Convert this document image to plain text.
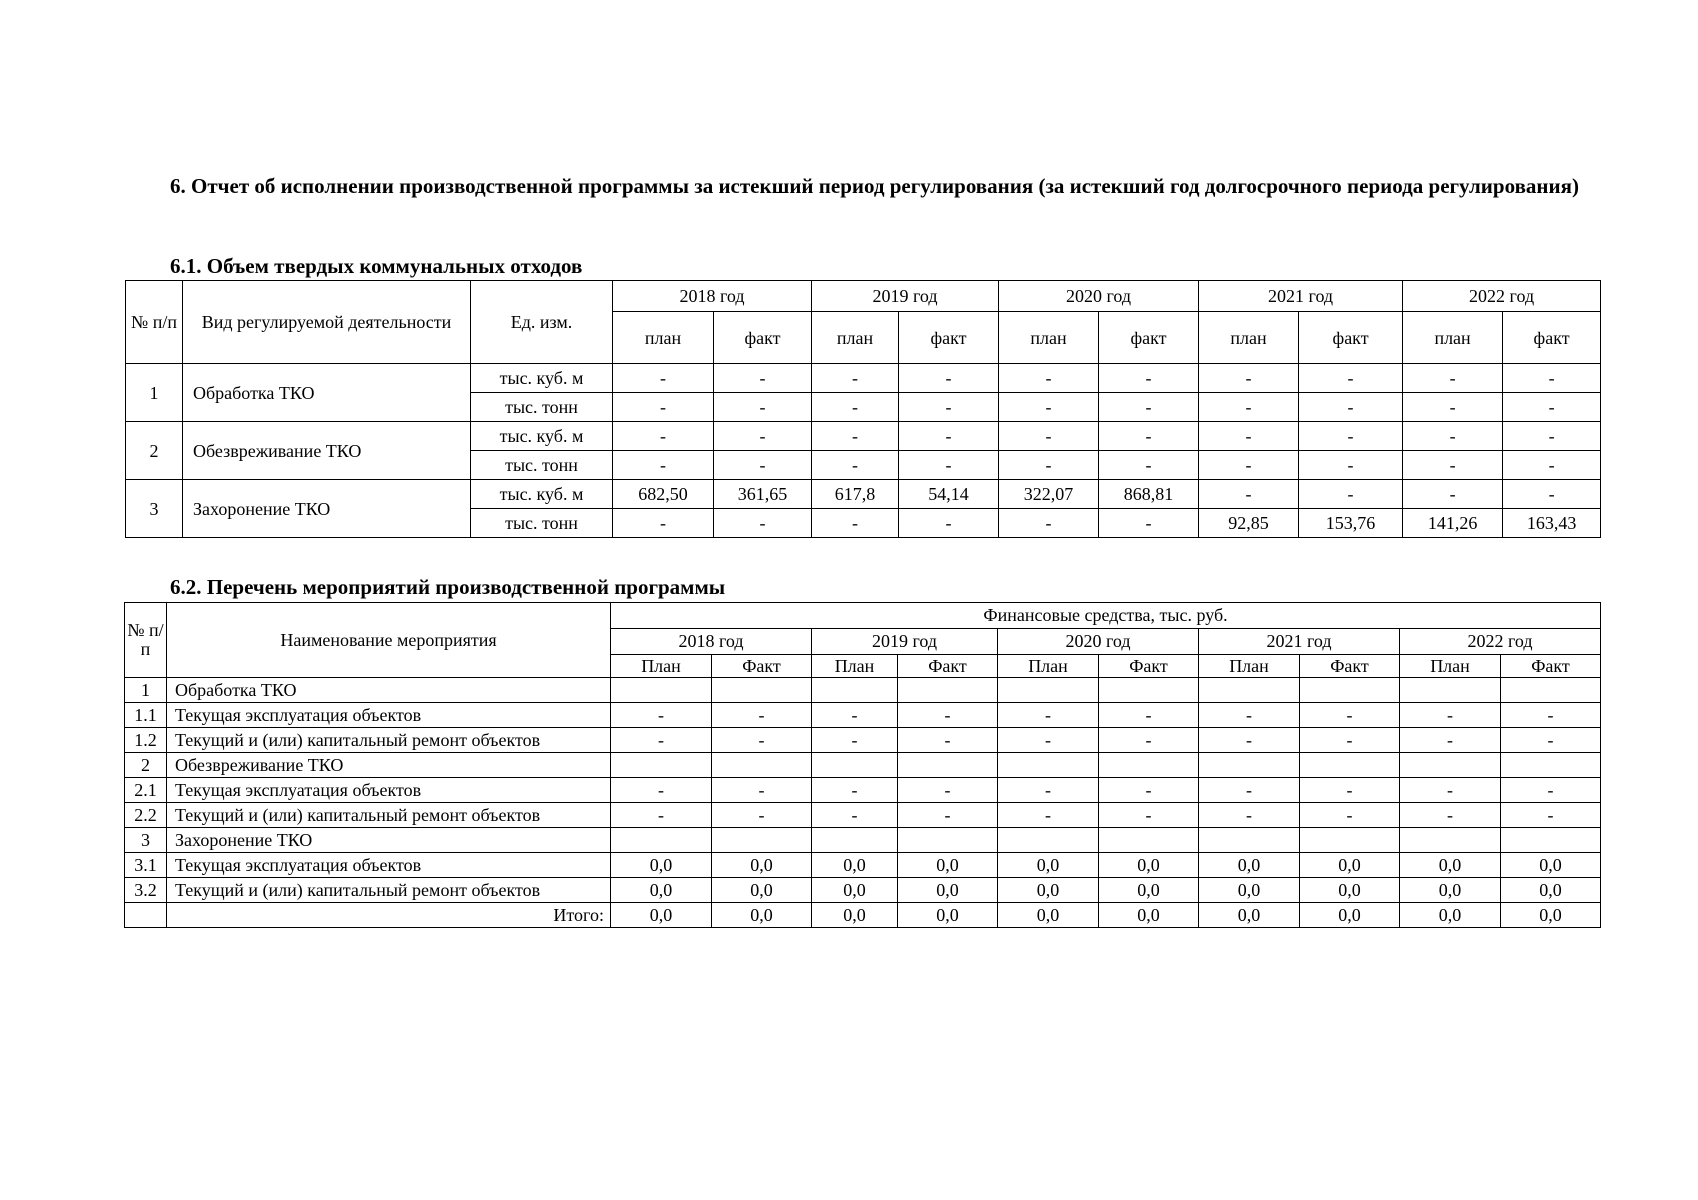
6. Отчет об исполнении производственной программы за истекший период регулирования (за истекший год долгосрочного периода регулирования)
6.1. Объем твердых коммунальных отходов
№ п/п	Вид регулируемой деятельности	Ед. изм.	2018 год		2019 год		2020 год		2021 год		2022 год	
			план	факт	план	факт	план	факт	план	факт	план	факт
1	Обработка ТКО	тыс. куб. м	-	-	-	-	-	-	-	-	-	-
		тыс. тонн	-	-	-	-	-	-	-	-	-	-
2	Обезвреживание ТКО	тыс. куб. м	-	-	-	-	-	-	-	-	-	-
		тыс. тонн	-	-	-	-	-	-	-	-	-	-
3	Захоронение ТКО	тыс. куб. м	682,50	361,65	617,8	54,14	322,07	868,81	-	-	-	-
		тыс. тонн	-	-	-	-	-	-	92,85	153,76	141,26	163,43
6.2. Перечень мероприятий производственной программы
№ п/п	Наименование мероприятия	Финансовые средства, тыс. руб.									
		2018 год		2019 год		2020 год		2021 год		2022 год	
		План	Факт	План	Факт	План	Факт	План	Факт	План	Факт
1	Обработка ТКО										
1.1	Текущая эксплуатация объектов	-	-	-	-	-	-	-	-	-	-
1.2	Текущий и (или) капитальный ремонт объектов	-	-	-	-	-	-	-	-	-	-
2	Обезвреживание ТКО										
2.1	Текущая эксплуатация объектов	-	-	-	-	-	-	-	-	-	-
2.2	Текущий и (или) капитальный ремонт объектов	-	-	-	-	-	-	-	-	-	-
3	Захоронение ТКО										
3.1	Текущая эксплуатация объектов	0,0	0,0	0,0	0,0	0,0	0,0	0,0	0,0	0,0	0,0
3.2	Текущий и (или) капитальный ремонт объектов	0,0	0,0	0,0	0,0	0,0	0,0	0,0	0,0	0,0	0,0
	Итого:	0,0	0,0	0,0	0,0	0,0	0,0	0,0	0,0	0,0	0,0
